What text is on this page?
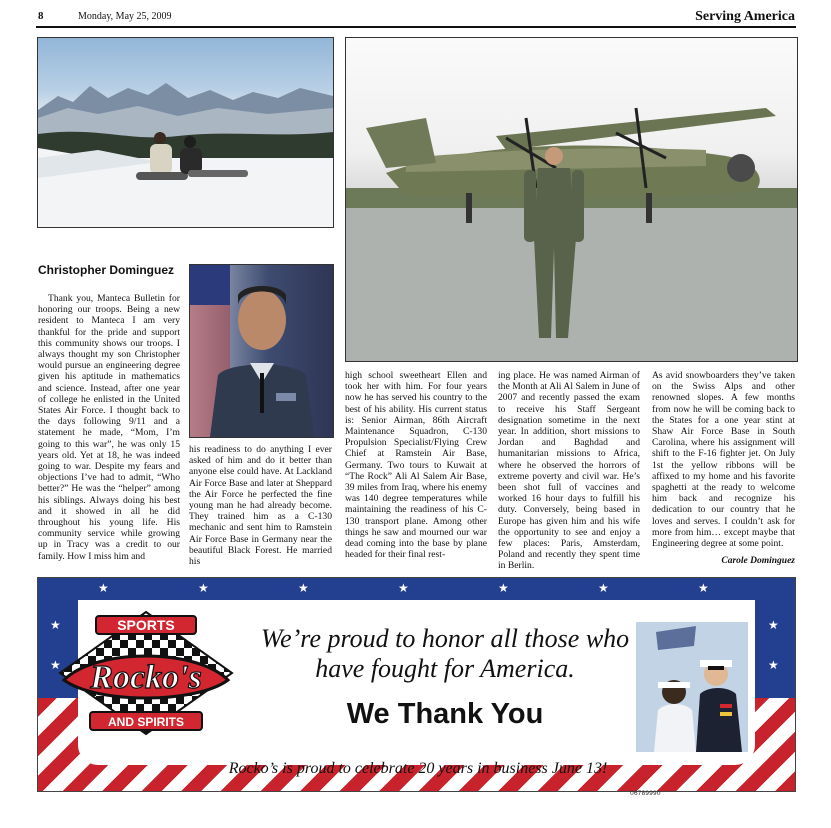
8	Monday, May 25, 2009	Serving America
Christopher Dominguez

Thank you, Manteca Bulletin for honoring our troops. Being a new resident to Manteca I am very thankful for the pride and support this community shows our troops. I always thought my son Christopher would pursue an engineering degree given his aptitude in mathematics and science. Instead, after one year of college he enlisted in the United States Air Force. I thought back to the days following 9/11 and a statement he made, “Mom, I’m going to this war”, he was only 15 years old. Yet at 18, he was indeed going to war. Despite my fears and objections I’ve had to admit, “Who better?” He was the “helper” among his siblings. Always doing his best and it showed in all he did throughout his young life. His community service while growing up in Tracy was a credit to our family. How I miss him and

his readiness to do anything I ever asked of him and do it better than anyone else could have. At Lackland Air Force Base and later at Sheppard the Air Force he perfected the fine young man he had already become. They trained him as a C-130 mechanic and sent him to Ramstein Air Force Base in Germany near the beautiful Black Forest. He married his

high school sweetheart Ellen and took her with him. For four years now he has served his country to the best of his ability. His current status is: Senior Airman, 86th Aircraft Maintenance Squadron, C-130 Propulsion Specialist/Flying Crew Chief at Ramstein Air Base, Germany. Two tours to Kuwait at “The Rock” Ali Al Salem Air Base, 39 miles from Iraq, where his enemy was 140 degree temperatures while maintaining the readiness of his C-130 transport plane. Among other things he saw and mourned our war dead coming into the base by plane headed for their final rest-

ing place. He was named Airman of the Month at Ali Al Salem in June of 2007 and recently passed the exam to receive his Staff Sergeant designation sometime in the next year. In addition, short missions to Jordan and Baghdad and humanitarian missions to Africa, where he observed the horrors of extreme poverty and civil war. He’s been shot full of vaccines and worked 16 hour days to fulfill his duty. Conversely, being based in Europe has given him and his wife the opportunity to see and enjoy a few places: Paris, Amsterdam, Poland and recently they spent time in Berlin.

As avid snowboarders they’ve taken on the Swiss Alps and other renowned slopes. A few months from now he will be coming back to the States for a one year stint at Shaw Air Force Base in South Carolina, where his assignment will shift to the F-16 fighter jet. On July 1st the yellow ribbons will be affixed to my home and his favorite spaghetti at the ready to welcome him back and recognize his dedication to our country that he loves and serves. I couldn’t ask for more from him… except maybe that Engineering degree at some point.

Carole Dominguez
★	★	★	★	★	★	★
★
★
★
★
SPORTS
Rocko's
AND SPIRITS
We’re proud to honor all those who have fought for America.
We Thank You
Rocko’s is proud to celebrate 20 years in business June 13!
06789990
